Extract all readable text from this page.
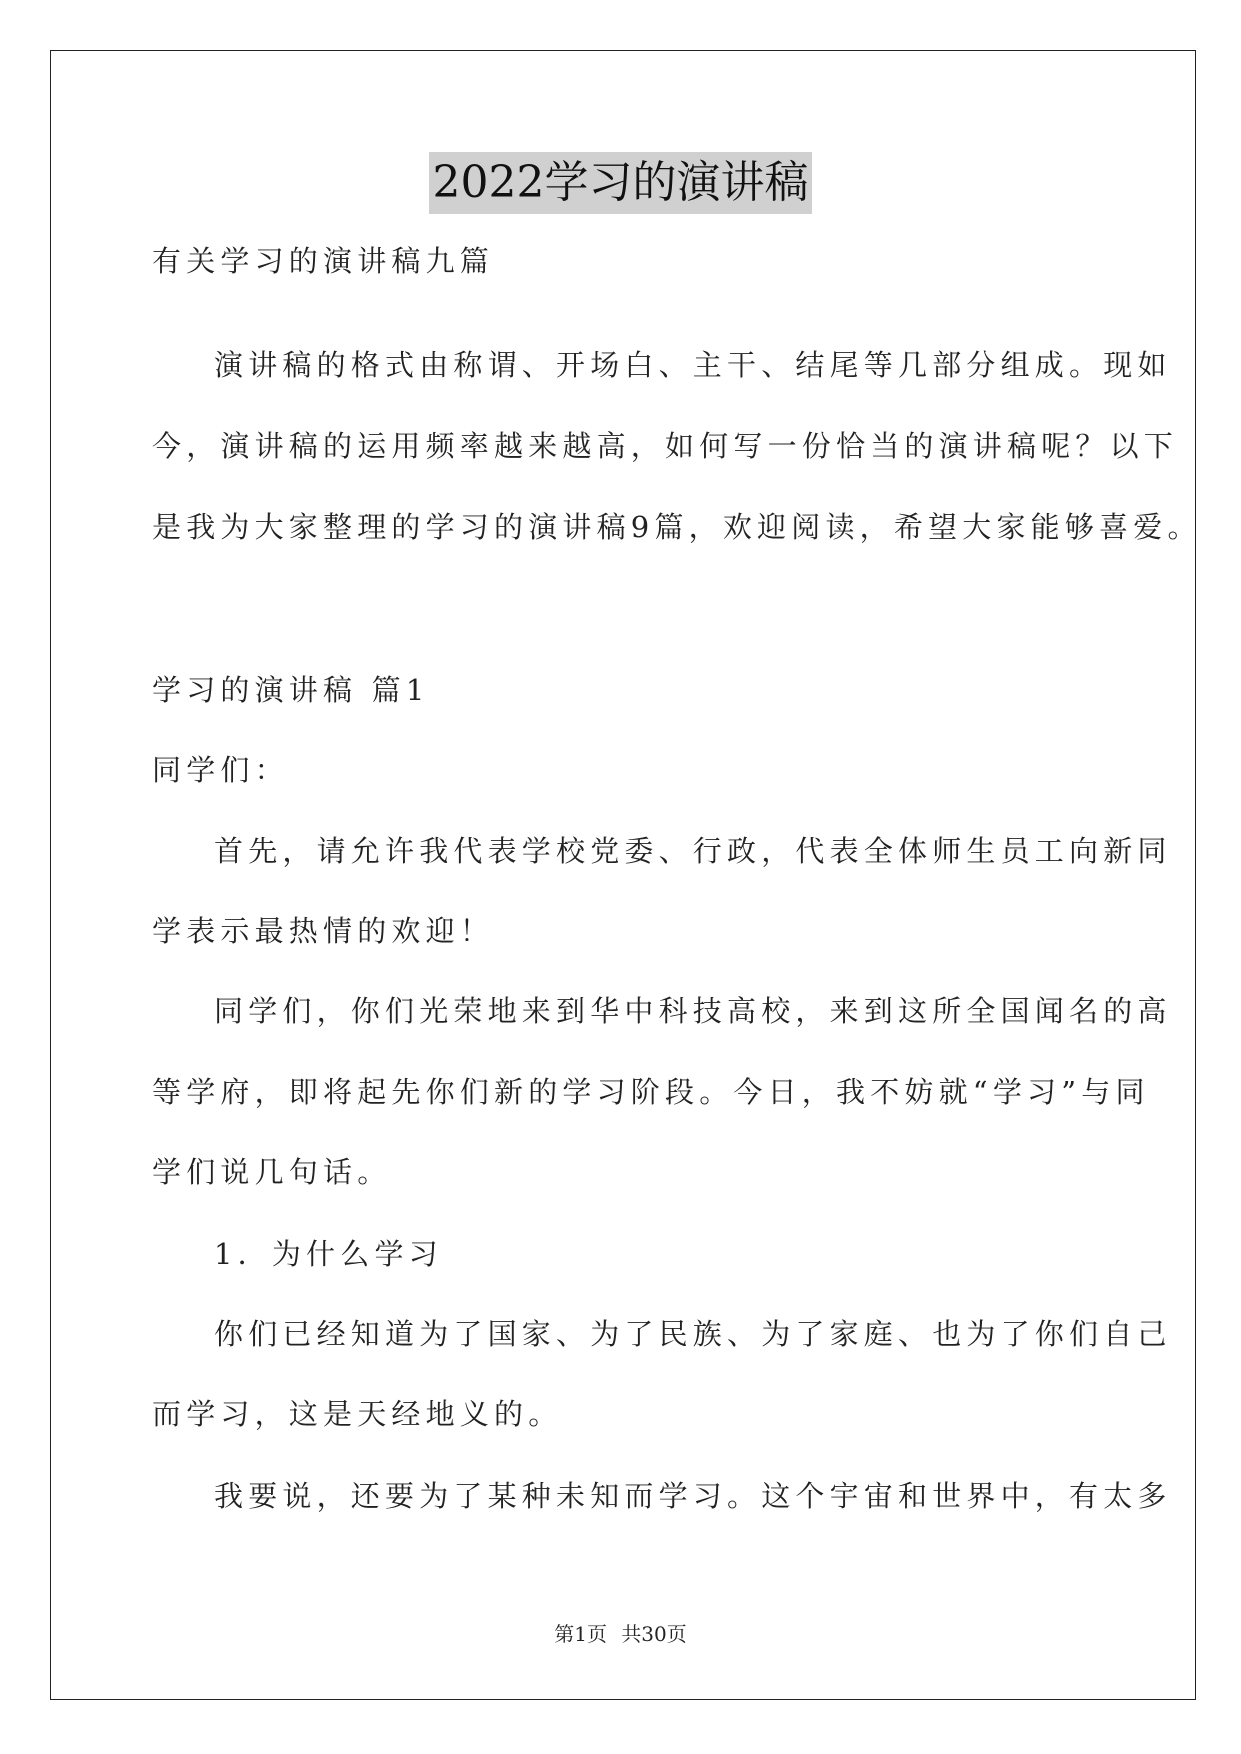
2022学习的演讲稿

有关学习的演讲稿九篇

演讲稿的格式由称谓、开场白、主干、结尾等几部分组成。现如

今，演讲稿的运用频率越来越高，如何写一份恰当的演讲稿呢？以下

是我为大家整理的学习的演讲稿9篇，欢迎阅读，希望大家能够喜爱。

学习的演讲稿 篇1

同学们：

首先，请允许我代表学校党委、行政，代表全体师生员工向新同

学表示最热情的欢迎！

同学们，你们光荣地来到华中科技高校，来到这所全国闻名的高

等学府，即将起先你们新的学习阶段。今日，我不妨就“学习”与同

学们说几句话。

1．为什么学习

你们已经知道为了国家、为了民族、为了家庭、也为了你们自己

而学习，这是天经地义的。

我要说，还要为了某种未知而学习。这个宇宙和世界中，有太多

第1页 共30页
